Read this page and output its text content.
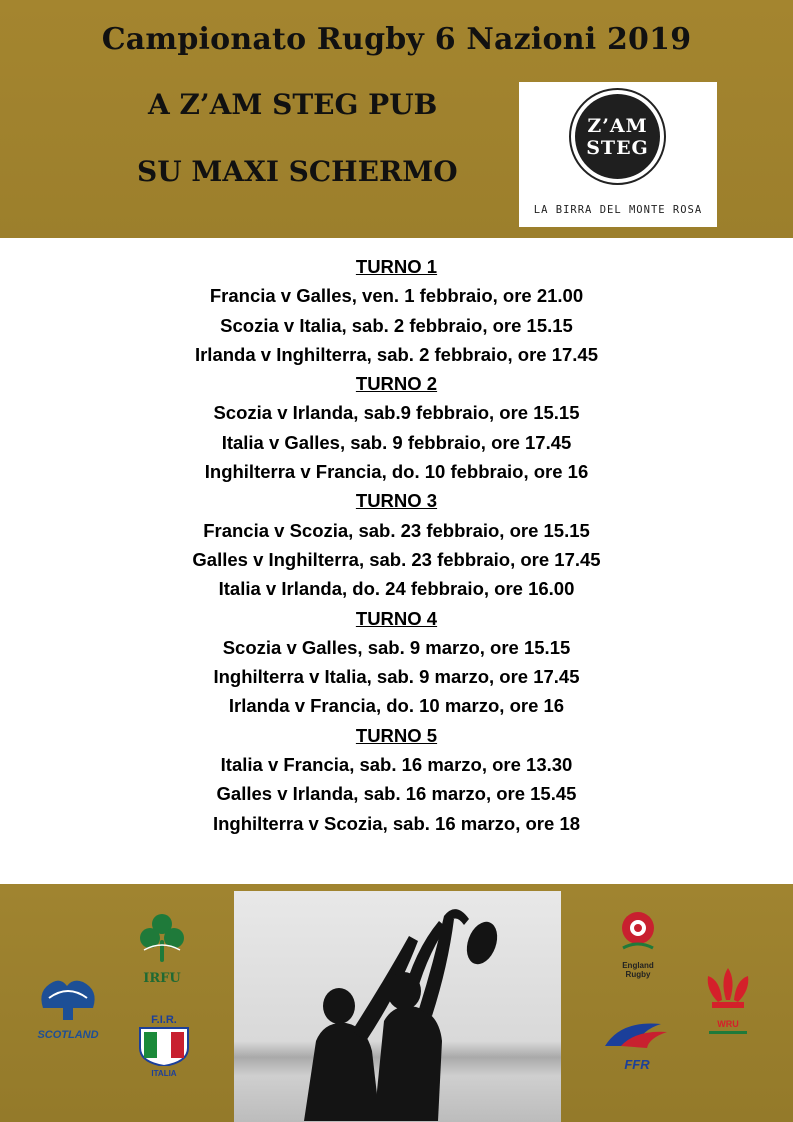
Campionato Rugby 6 Nazioni 2019
A Z’AM STEG PUB
SU MAXI SCHERMO
Z’AM
STEG
LA BIRRA DEL MONTE ROSA
TURNO 1
Francia v Galles, ven. 1 febbraio, ore 21.00
Scozia v Italia, sab. 2 febbraio, ore 15.15
Irlanda v Inghilterra, sab. 2 febbraio, ore 17.45
TURNO 2
Scozia v Irlanda, sab.9 febbraio, ore 15.15
Italia v Galles, sab. 9 febbraio, ore 17.45
Inghilterra v Francia, do. 10 febbraio, ore 16
TURNO 3
Francia v Scozia, sab. 23 febbraio, ore 15.15
Galles v Inghilterra, sab. 23 febbraio, ore 17.45
Italia v Irlanda, do. 24 febbraio, ore 16.00
TURNO 4
Scozia v Galles, sab. 9 marzo, ore 15.15
Inghilterra v Italia, sab. 9 marzo, ore 17.45
Irlanda v Francia, do. 10 marzo, ore 16
TURNO 5
Italia v Francia, sab. 16 marzo, ore 13.30
Galles v Irlanda, sab. 16 marzo, ore 15.45
Inghilterra v Scozia, sab. 16 marzo, ore 18
IRFU
SCOTLAND
F.I.R.
ITALIA
England
Rugby
WRU
FFR
